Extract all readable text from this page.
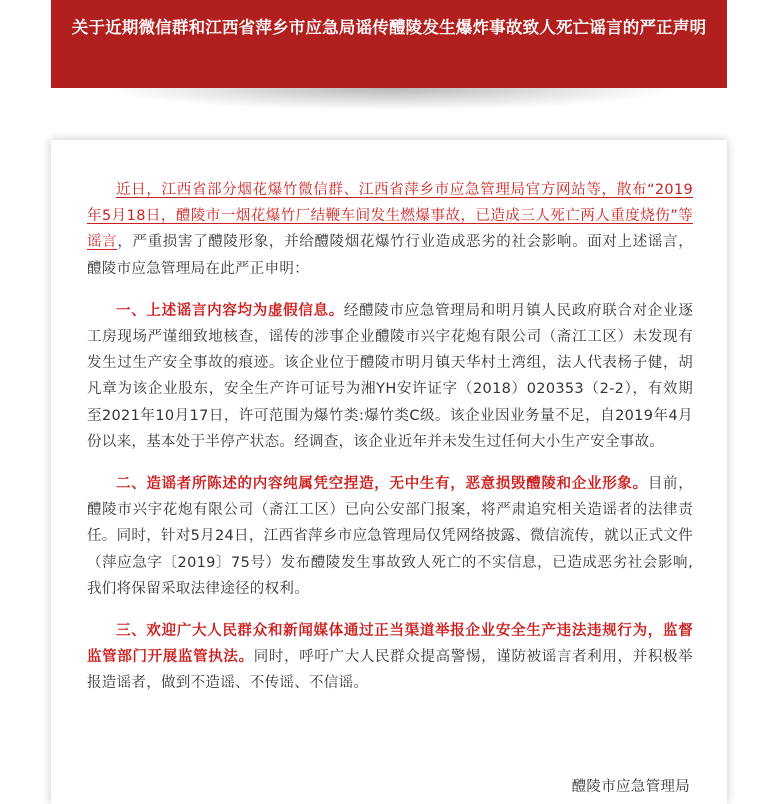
关于近期微信群和江西省萍乡市应急局谣传醴陵发生爆炸事故致人死亡谣言的严正声明

近日，江西省部分烟花爆竹微信群、江西省萍乡市应急管理局官方网站等，散布“2019年5月18日，醴陵市一烟花爆竹厂结鞭车间发生燃爆事故，已造成三人死亡两人重度烧伤”等谣言，严重损害了醴陵形象，并给醴陵烟花爆竹行业造成恶劣的社会影响。面对上述谣言，醴陵市应急管理局在此严正申明：

一、上述谣言内容均为虚假信息。经醴陵市应急管理局和明月镇人民政府联合对企业逐工房现场严谨细致地核查，谣传的涉事企业醴陵市兴宇花炮有限公司（斋江工区）未发现有发生过生产安全事故的痕迹。该企业位于醴陵市明月镇天华村土湾组，法人代表杨子健，胡凡章为该企业股东，安全生产许可证号为湘YH安许证字（2018）020353（2-2），有效期至2021年10月17日，许可范围为爆竹类:爆竹类C级。该企业因业务量不足，自2019年4月份以来，基本处于半停产状态。经调查，该企业近年并未发生过任何大小生产安全事故。

二、造谣者所陈述的内容纯属凭空捏造，无中生有，恶意损毁醴陵和企业形象。目前，醴陵市兴宇花炮有限公司（斋江工区）已向公安部门报案，将严肃追究相关造谣者的法律责任。同时，针对5月24日，江西省萍乡市应急管理局仅凭网络披露、微信流传，就以正式文件（萍应急字〔2019〕75号）发布醴陵发生事故致人死亡的不实信息，已造成恶劣社会影响,我们将保留采取法律途径的权利。

三、欢迎广大人民群众和新闻媒体通过正当渠道举报企业安全生产违法违规行为，监督监管部门开展监管执法。同时，呼吁广大人民群众提高警惕，谨防被谣言者利用，并积极举报造谣者，做到不造谣、不传谣、不信谣。

醴陵市应急管理局
